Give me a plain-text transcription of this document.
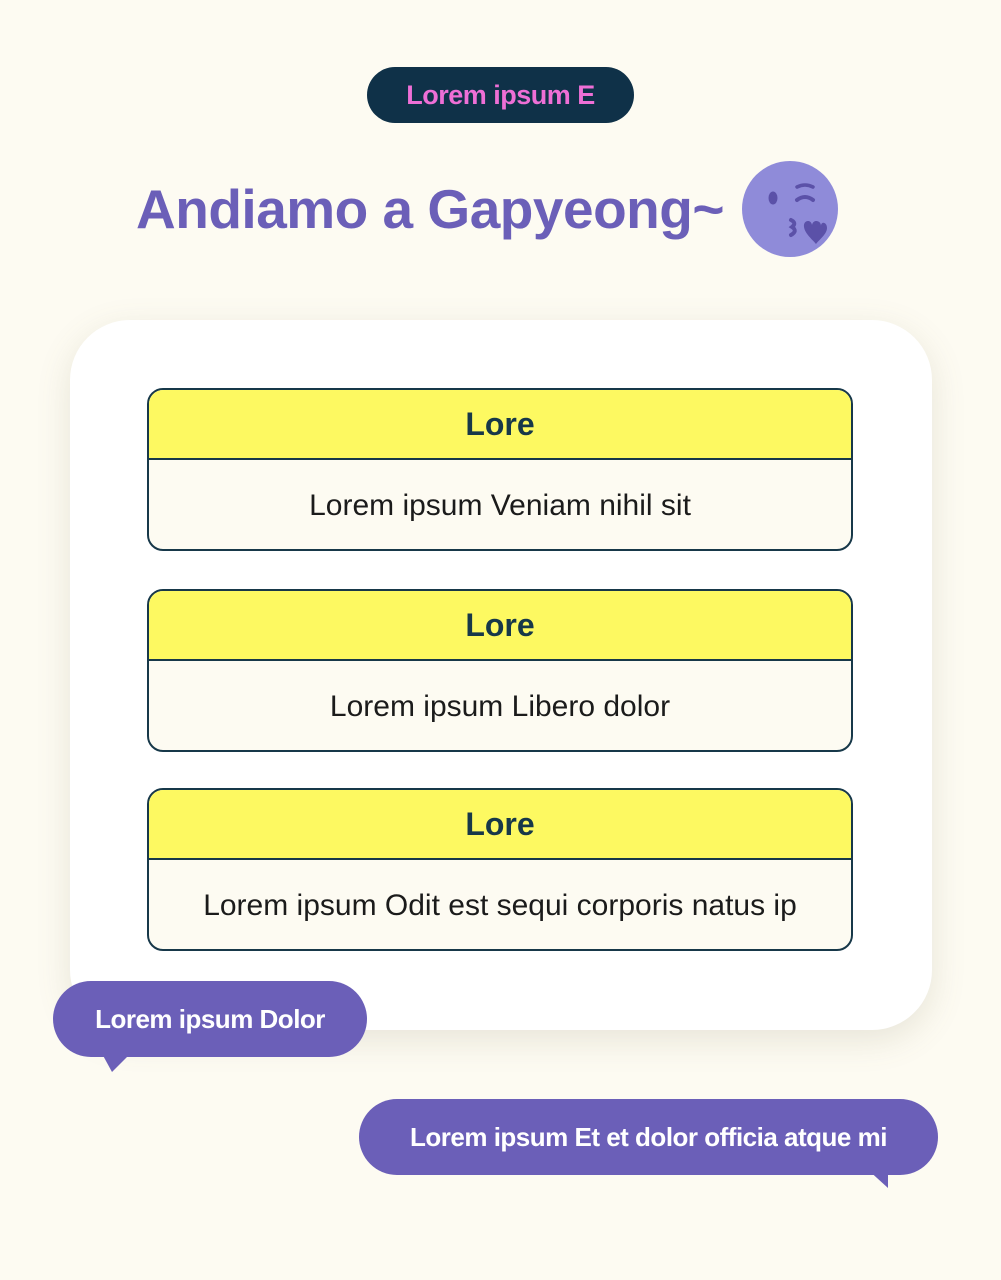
Lorem ipsum E
Andiamo a Gapyeong~
Lore
Lorem ipsum Veniam nihil sit
Lore
Lorem ipsum Libero dolor
Lore
Lorem ipsum Odit est sequi corporis natus ip
Lorem ipsum Dolor
Lorem ipsum Et et dolor officia atque mi
